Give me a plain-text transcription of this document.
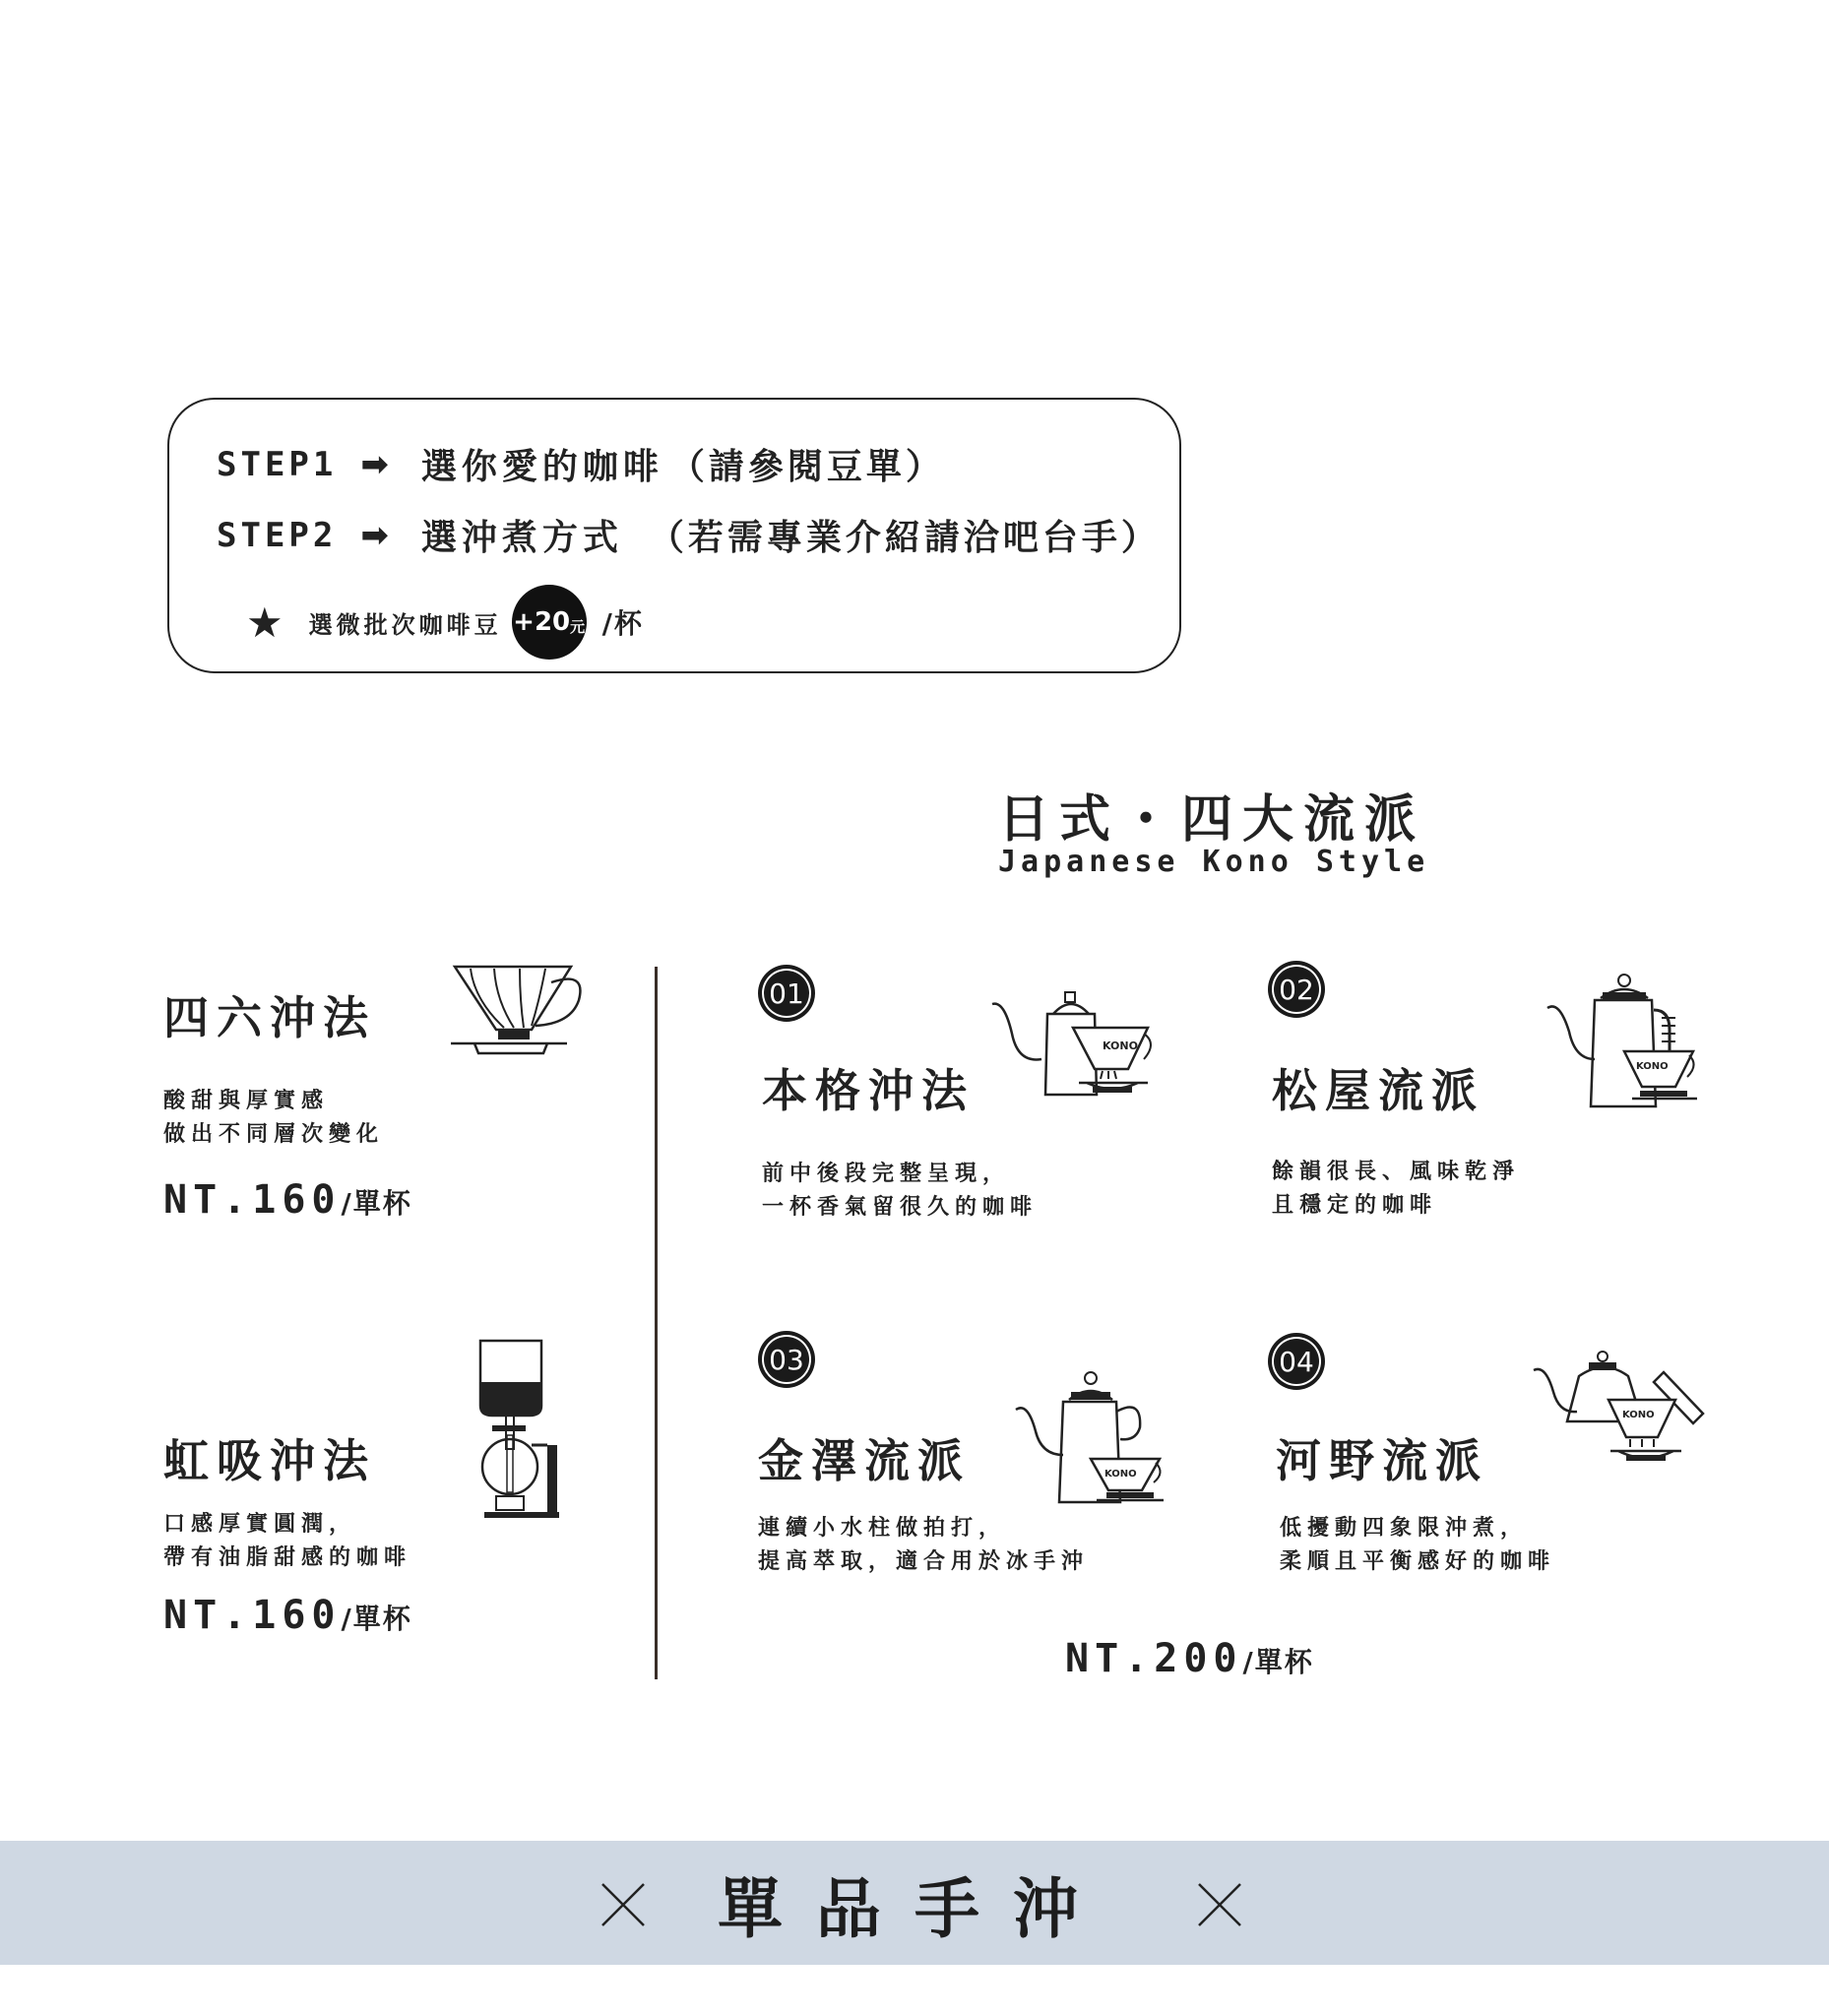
STEP1 ➡ 選你愛的咖啡 （請參閱豆單）
STEP2 ➡ 選沖煮方式 （若需專業介紹請洽吧台手）
★ 選微批次咖啡豆 +20 元 /杯
日式・四大流派
Japanese Kono Style
四六沖法
酸甜與厚實感
做出不同層次變化
NT.160 /單杯
虹吸沖法
口感厚實圓潤，
帶有油脂甜感的咖啡
NT.160 /單杯
01
本格沖法
前中後段完整呈現，
一杯香氣留很久的咖啡
KONO
02
松屋流派
餘韻很長、風味乾淨
且穩定的咖啡
KONO
03
金澤流派
連續小水柱做拍打，
提高萃取，適合用於冰手沖
KONO
04
河野流派
低擾動四象限沖煮，
柔順且平衡感好的咖啡
KONO
NT.200 /單杯
單品手沖
